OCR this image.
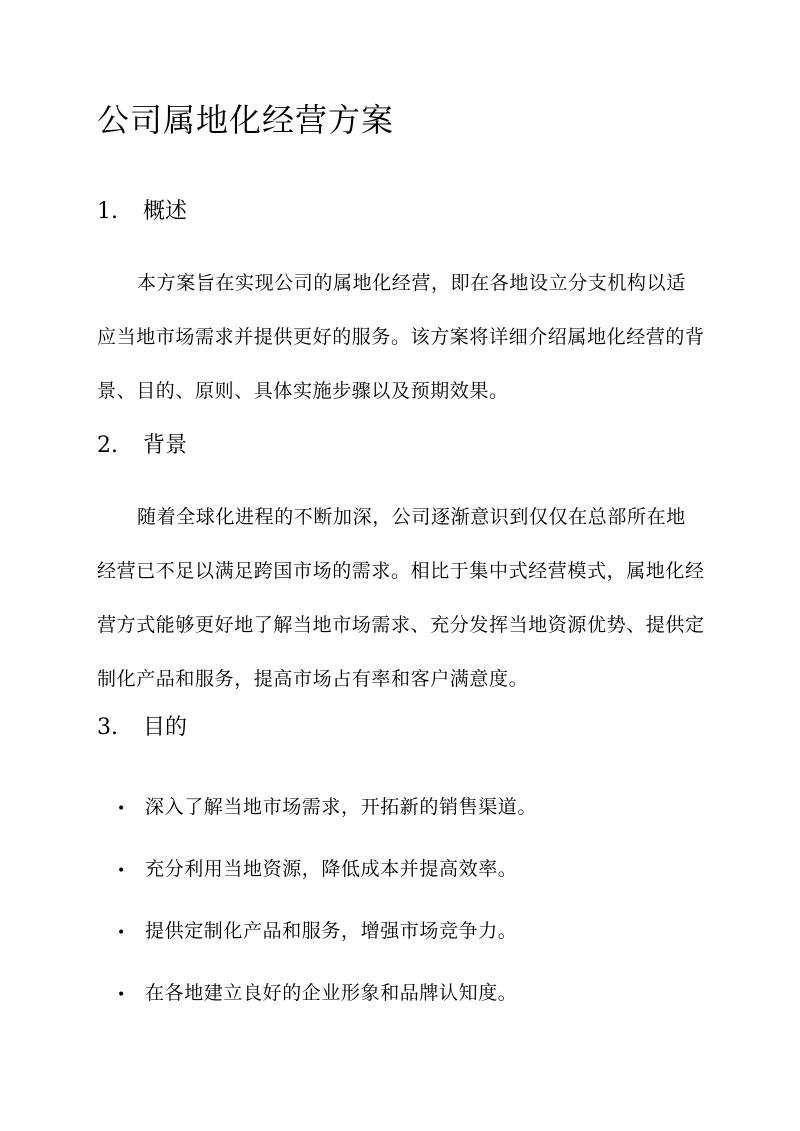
公司属地化经营方案
1. 概述

本方案旨在实现公司的属地化经营，即在各地设立分支机构以适应当地市场需求并提供更好的服务。该方案将详细介绍属地化经营的背景、目的、原则、具体实施步骤以及预期效果。

2. 背景

随着全球化进程的不断加深，公司逐渐意识到仅仅在总部所在地经营已不足以满足跨国市场的需求。相比于集中式经营模式，属地化经营方式能够更好地了解当地市场需求、充分发挥当地资源优势、提供定制化产品和服务，提高市场占有率和客户满意度。

3. 目的
• 深入了解当地市场需求，开拓新的销售渠道。
• 充分利用当地资源，降低成本并提高效率。
• 提供定制化产品和服务，增强市场竞争力。
• 在各地建立良好的企业形象和品牌认知度。
